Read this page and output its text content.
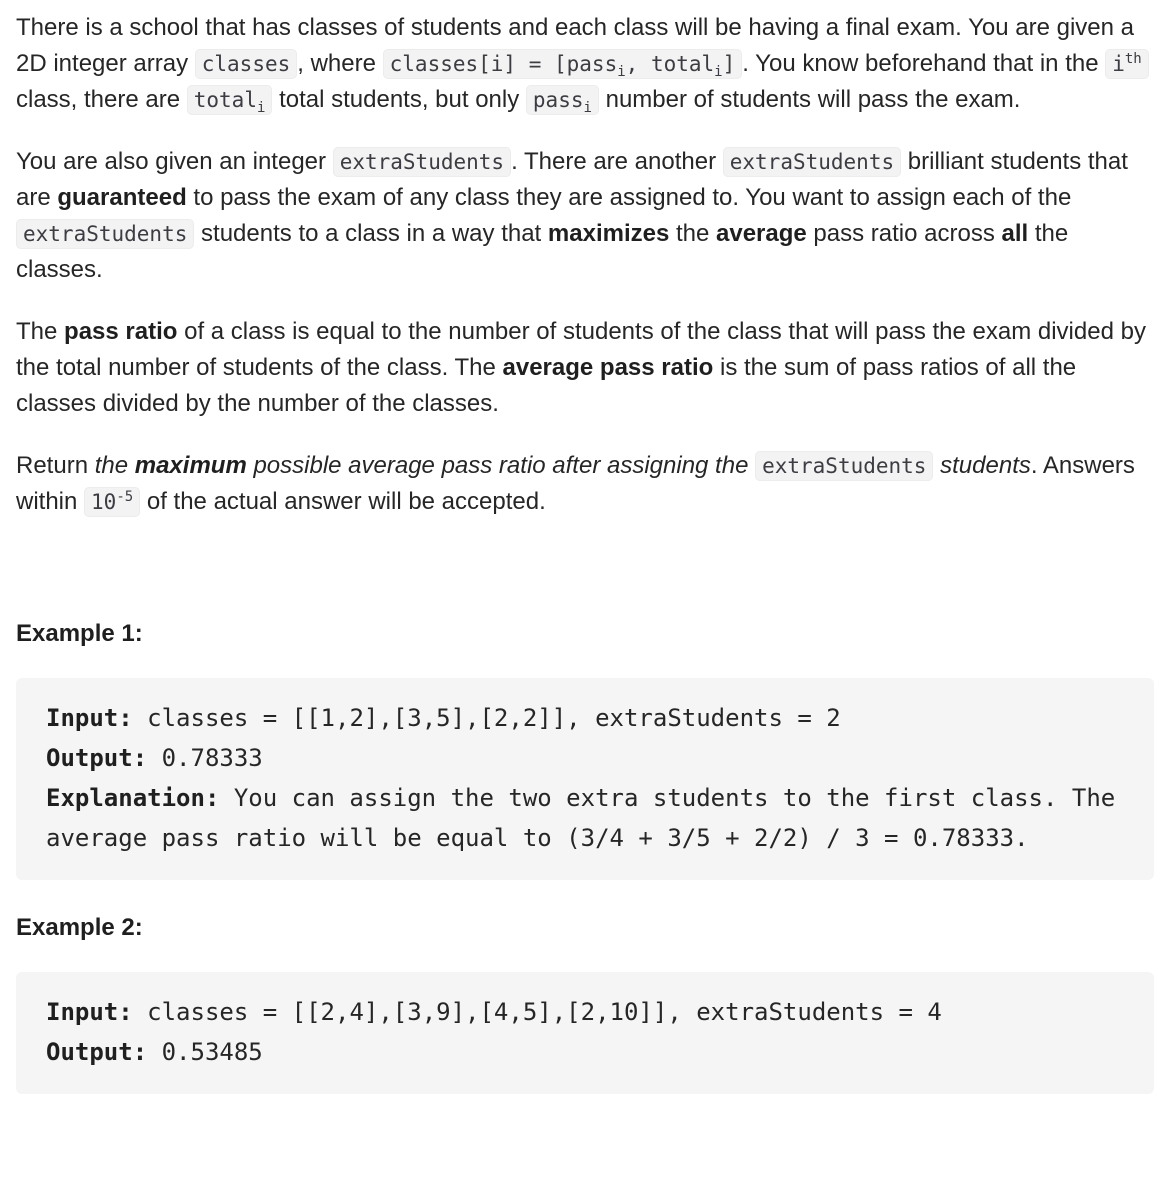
There is a school that has classes of students and each class will be having a final exam. You are given a 2D integer array classes , where classes[i] = [pass$_i$, total$_i$] . You know beforehand that in the $i^{th}$ class, there are total$_i$ total students, but only pass$_i$ number of students will pass the exam.

You are also given an integer extraStudents . There are another extraStudents brilliant students that are guaranteed to pass the exam of any class they are assigned to. You want to assign each of the extraStudents students to a class in a way that maximizes the average pass ratio across all the classes.

The pass ratio of a class is equal to the number of students of the class that will pass the exam divided by the total number of students of the class. The average pass ratio is the sum of pass ratios of all the classes divided by the number of the classes.

Return the maximum possible average pass ratio after assigning the extraStudents students. Answers within $10^{-5}$ of the actual answer will be accepted.

Example 1:
Input: classes = [[1,2],[3,5],[2,2]], extraStudents = 2
Output: 0.78333
Explanation: You can assign the two extra students to the first class. The average pass ratio will be equal to (3/4 + 3/5 + 2/2) / 3 = 0.78333.
Example 2:
Input: classes = [[2,4],[3,9],[4,5],[2,10]], extraStudents = 4
Output: 0.53485
